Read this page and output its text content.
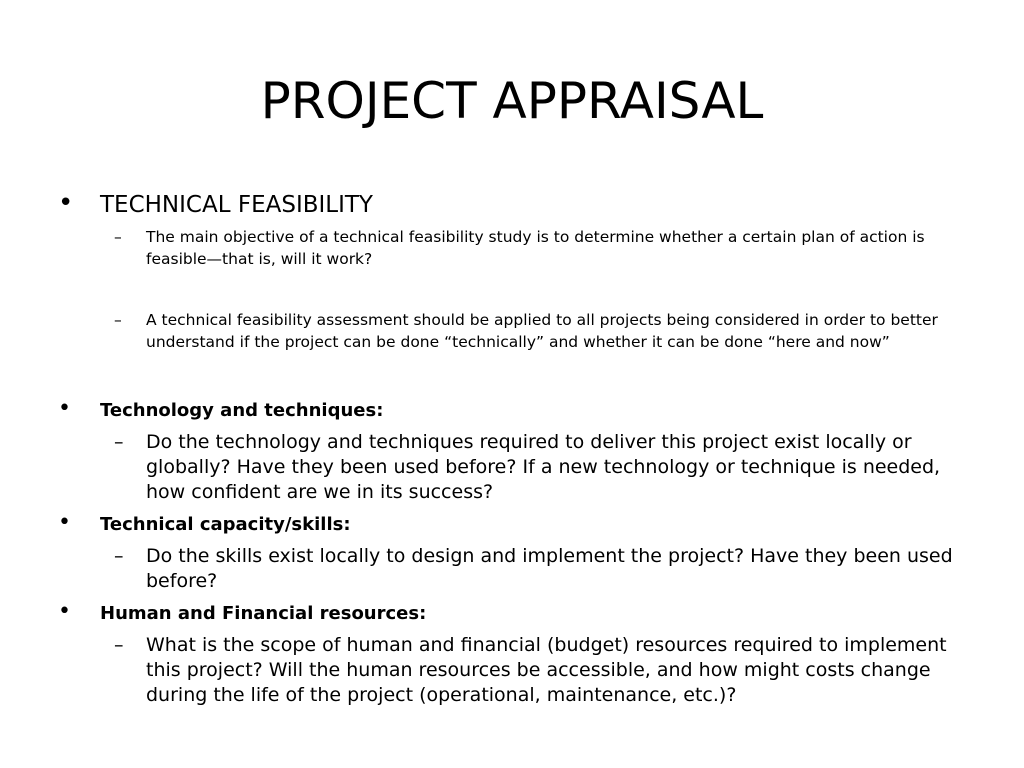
PROJECT APPRAISAL
• TECHNICAL FEASIBILITY
– The main objective of a technical feasibility study is to determine whether a certain plan of action is feasible—that is, will it work?
– A technical feasibility assessment should be applied to all projects being considered in order to better understand if the project can be done “technically” and whether it can be done “here and now”
• Technology and techniques:
– Do the technology and techniques required to deliver this project exist locally or globally? Have they been used before? If a new technology or technique is needed, how confident are we in its success?
• Technical capacity/skills:
– Do the skills exist locally to design and implement the project? Have they been used before?
• Human and Financial resources:
– What is the scope of human and financial (budget) resources required to implement this project? Will the human resources be accessible, and how might costs change during the life of the project (operational, maintenance, etc.)?
